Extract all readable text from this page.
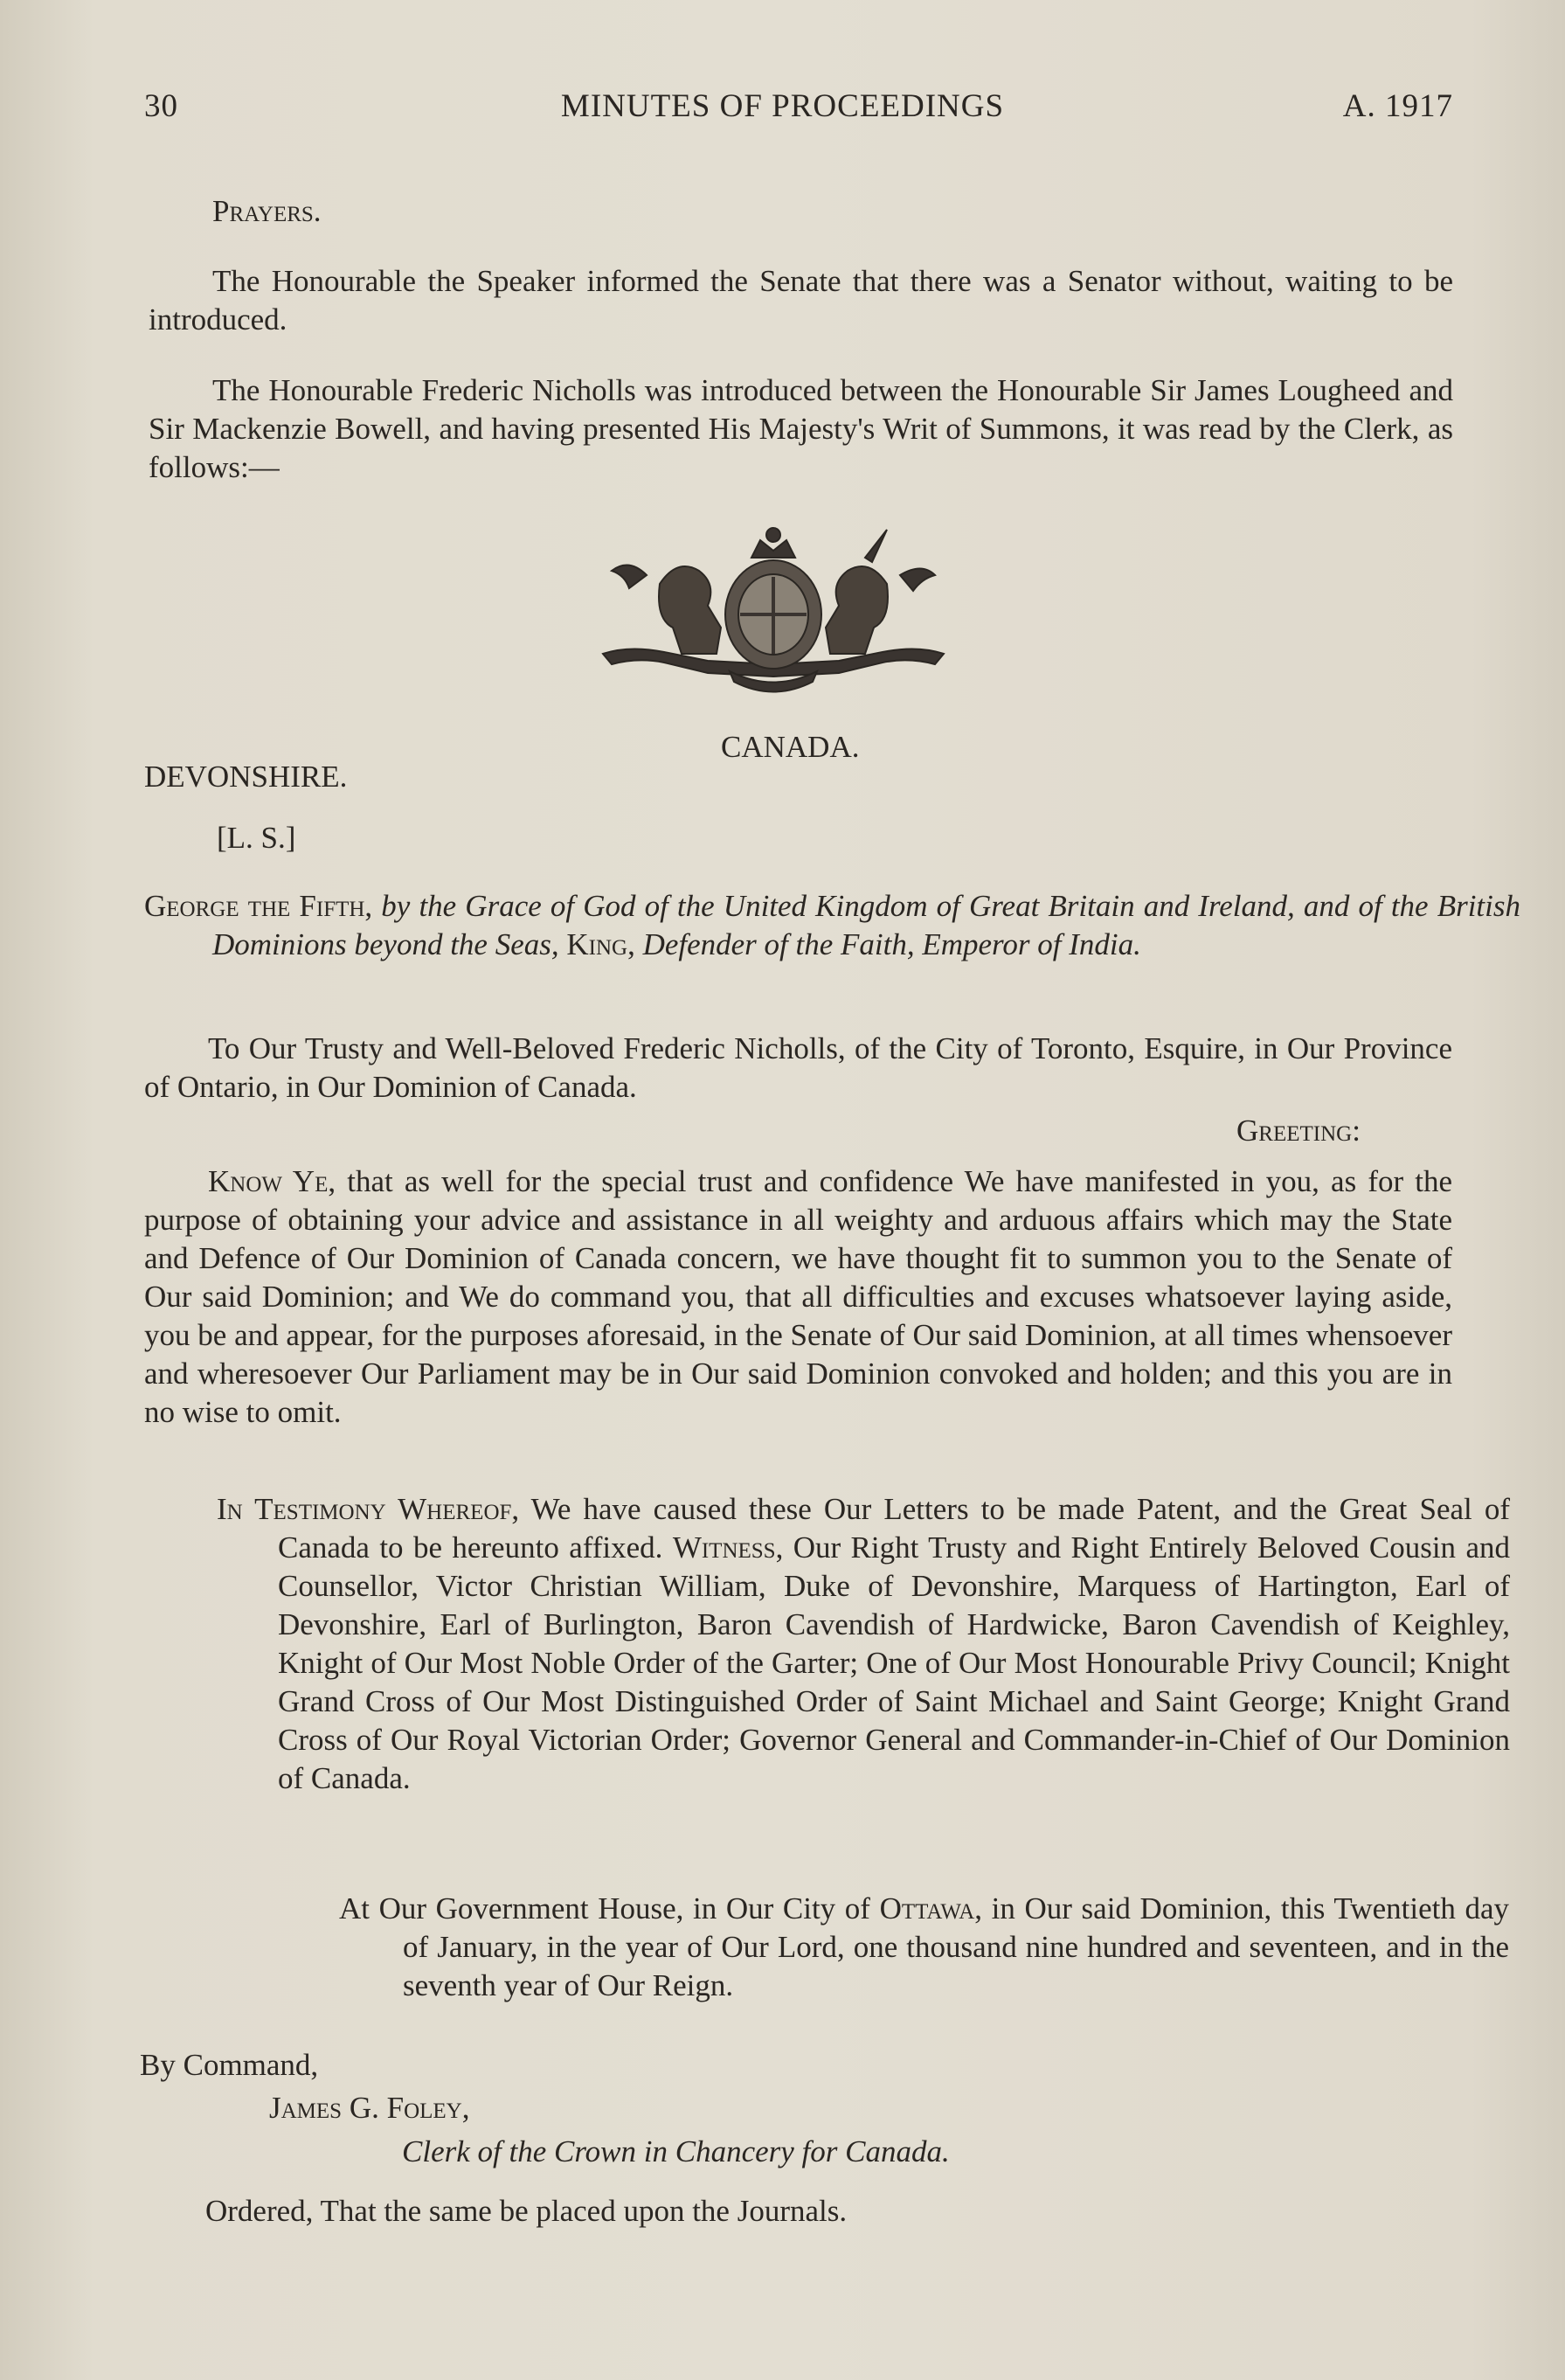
30	MINUTES OF PROCEEDINGS	A. 1917

Prayers.

The Honourable the Speaker informed the Senate that there was a Senator without, waiting to be introduced.

The Honourable Frederic Nicholls was introduced between the Honourable Sir James Lougheed and Sir Mackenzie Bowell, and having presented His Majesty's Writ of Summons, it was read by the Clerk, as follows:—

CANADA.

DEVONSHIRE.

[L. S.]

George the Fifth, by the Grace of God of the United Kingdom of Great Britain and Ireland, and of the British Dominions beyond the Seas, King, Defender of the Faith, Emperor of India.

To Our Trusty and Well-Beloved Frederic Nicholls, of the City of Toronto, Esquire, in Our Province of Ontario, in Our Dominion of Canada.

Greeting:

Know Ye, that as well for the special trust and confidence We have manifested in you, as for the purpose of obtaining your advice and assistance in all weighty and arduous affairs which may the State and Defence of Our Dominion of Canada concern, we have thought fit to summon you to the Senate of Our said Dominion; and We do command you, that all difficulties and excuses whatsoever laying aside, you be and appear, for the purposes aforesaid, in the Senate of Our said Dominion, at all times whensoever and wheresoever Our Parliament may be in Our said Dominion convoked and holden; and this you are in no wise to omit.
In Testimony Whereof, We have caused these Our Letters to be made Patent, and the Great Seal of Canada to be hereunto affixed. Witness, Our Right Trusty and Right Entirely Beloved Cousin and Counsellor, Victor Christian William, Duke of Devonshire, Marquess of Hartington, Earl of Devonshire, Earl of Burlington, Baron Cavendish of Hardwicke, Baron Cavendish of Keighley, Knight of Our Most Noble Order of the Garter; One of Our Most Honourable Privy Council; Knight Grand Cross of Our Most Distinguished Order of Saint Michael and Saint George; Knight Grand Cross of Our Royal Victorian Order; Governor General and Commander-in-Chief of Our Dominion of Canada.
At Our Government House, in Our City of Ottawa, in Our said Dominion, this Twentieth day of January, in the year of Our Lord, one thousand nine hundred and seventeen, and in the seventh year of Our Reign.

By Command,

James G. Foley,

Clerk of the Crown in Chancery for Canada.

Ordered, That the same be placed upon the Journals.
